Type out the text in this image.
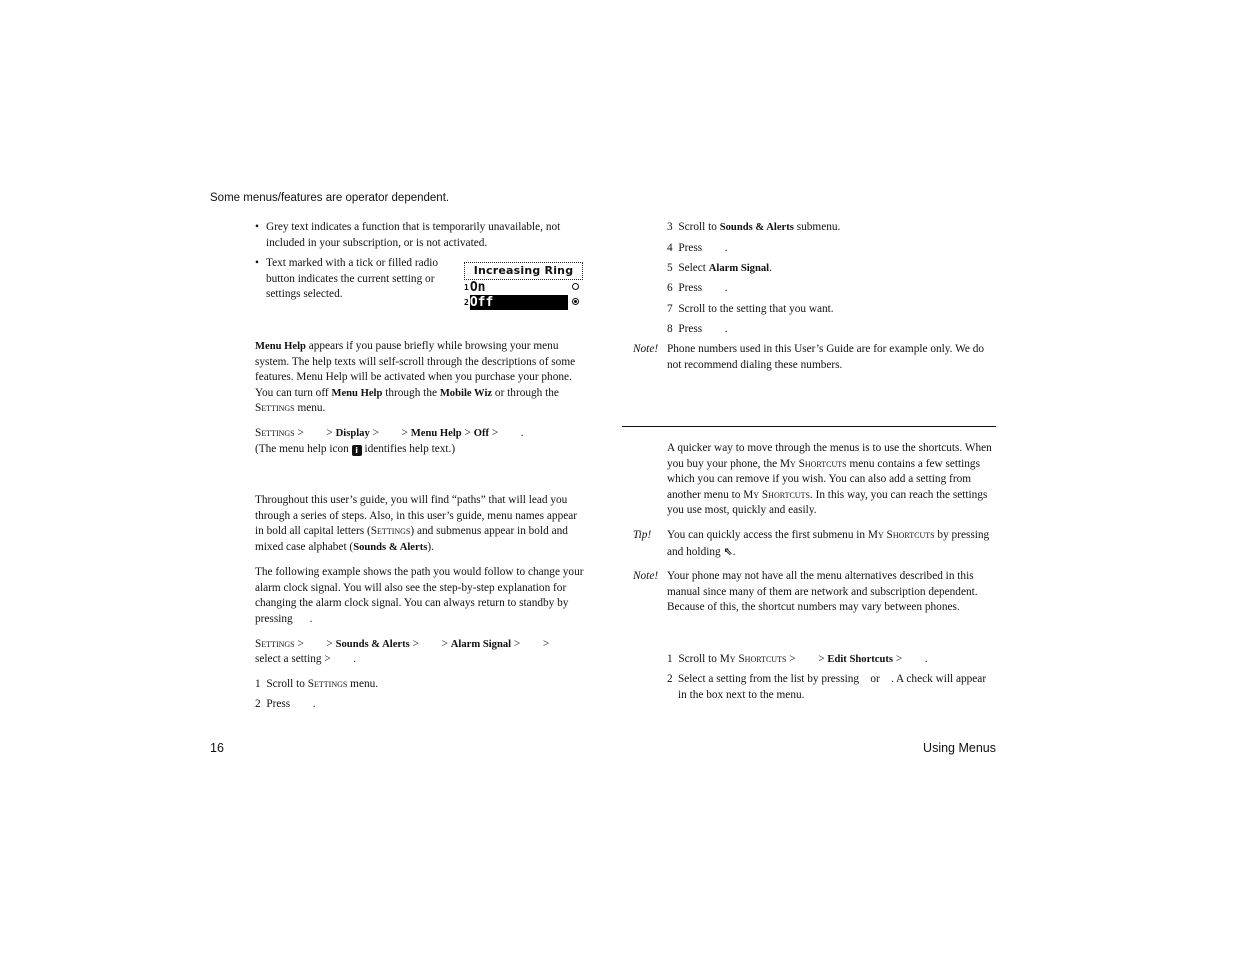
Some menus/features are operator dependent.
• Grey text indicates a function that is temporarily unavailable, not included in your subscription, or is not activated.
• Text marked with a tick or filled radio button indicates the current setting or settings selected.
Increasing Ring
1On
2Off
Menu Help appears if you pause briefly while browsing your menu system. The help texts will self-scroll through the descriptions of some features. Menu Help will be activated when you purchase your phone. You can turn off Menu Help through the Mobile Wiz or through the Settings menu.
Settings >        > Display >        > Menu Help > Off >        .
(The menu help icon i identifies help text.)
Throughout this user’s guide, you will find “paths” that will lead you through a series of steps. Also, in this user’s guide, menu names appear in bold all capital letters (Settings) and submenus appear in bold and mixed case alphabet (Sounds & Alerts).
The following example shows the path you would follow to change your alarm clock signal. You will also see the step-by-step explanation for changing the alarm clock signal. You can always return to standby by pressing      .
Settings >        > Sounds & Alerts >        > Alarm Signal >        >
select a setting >        .
1 Scroll to Settings menu.
2 Press        .
3 Scroll to Sounds & Alerts submenu.
4 Press        .
5 Select Alarm Signal.
6 Press        .
7 Scroll to the setting that you want.
8 Press        .
Note! Phone numbers used in this User’s Guide are for example only. We do not recommend dialing these numbers.
A quicker way to move through the menus is to use the shortcuts. When you buy your phone, the My Shortcuts menu contains a few settings which you can remove if you wish. You can also add a setting from another menu to My Shortcuts. In this way, you can reach the settings you use most, quickly and easily.
Tip! You can quickly access the first submenu in My Shortcuts by pressing and holding ⇖.
Note! Your phone may not have all the menu alternatives described in this manual since many of them are network and subscription dependent. Because of this, the shortcut numbers may vary between phones.
1 Scroll to My Shortcuts >        > Edit Shortcuts >        .
2 Select a setting from the list by pressing    or    . A check will appear in the box next to the menu.
16	Using Menus
